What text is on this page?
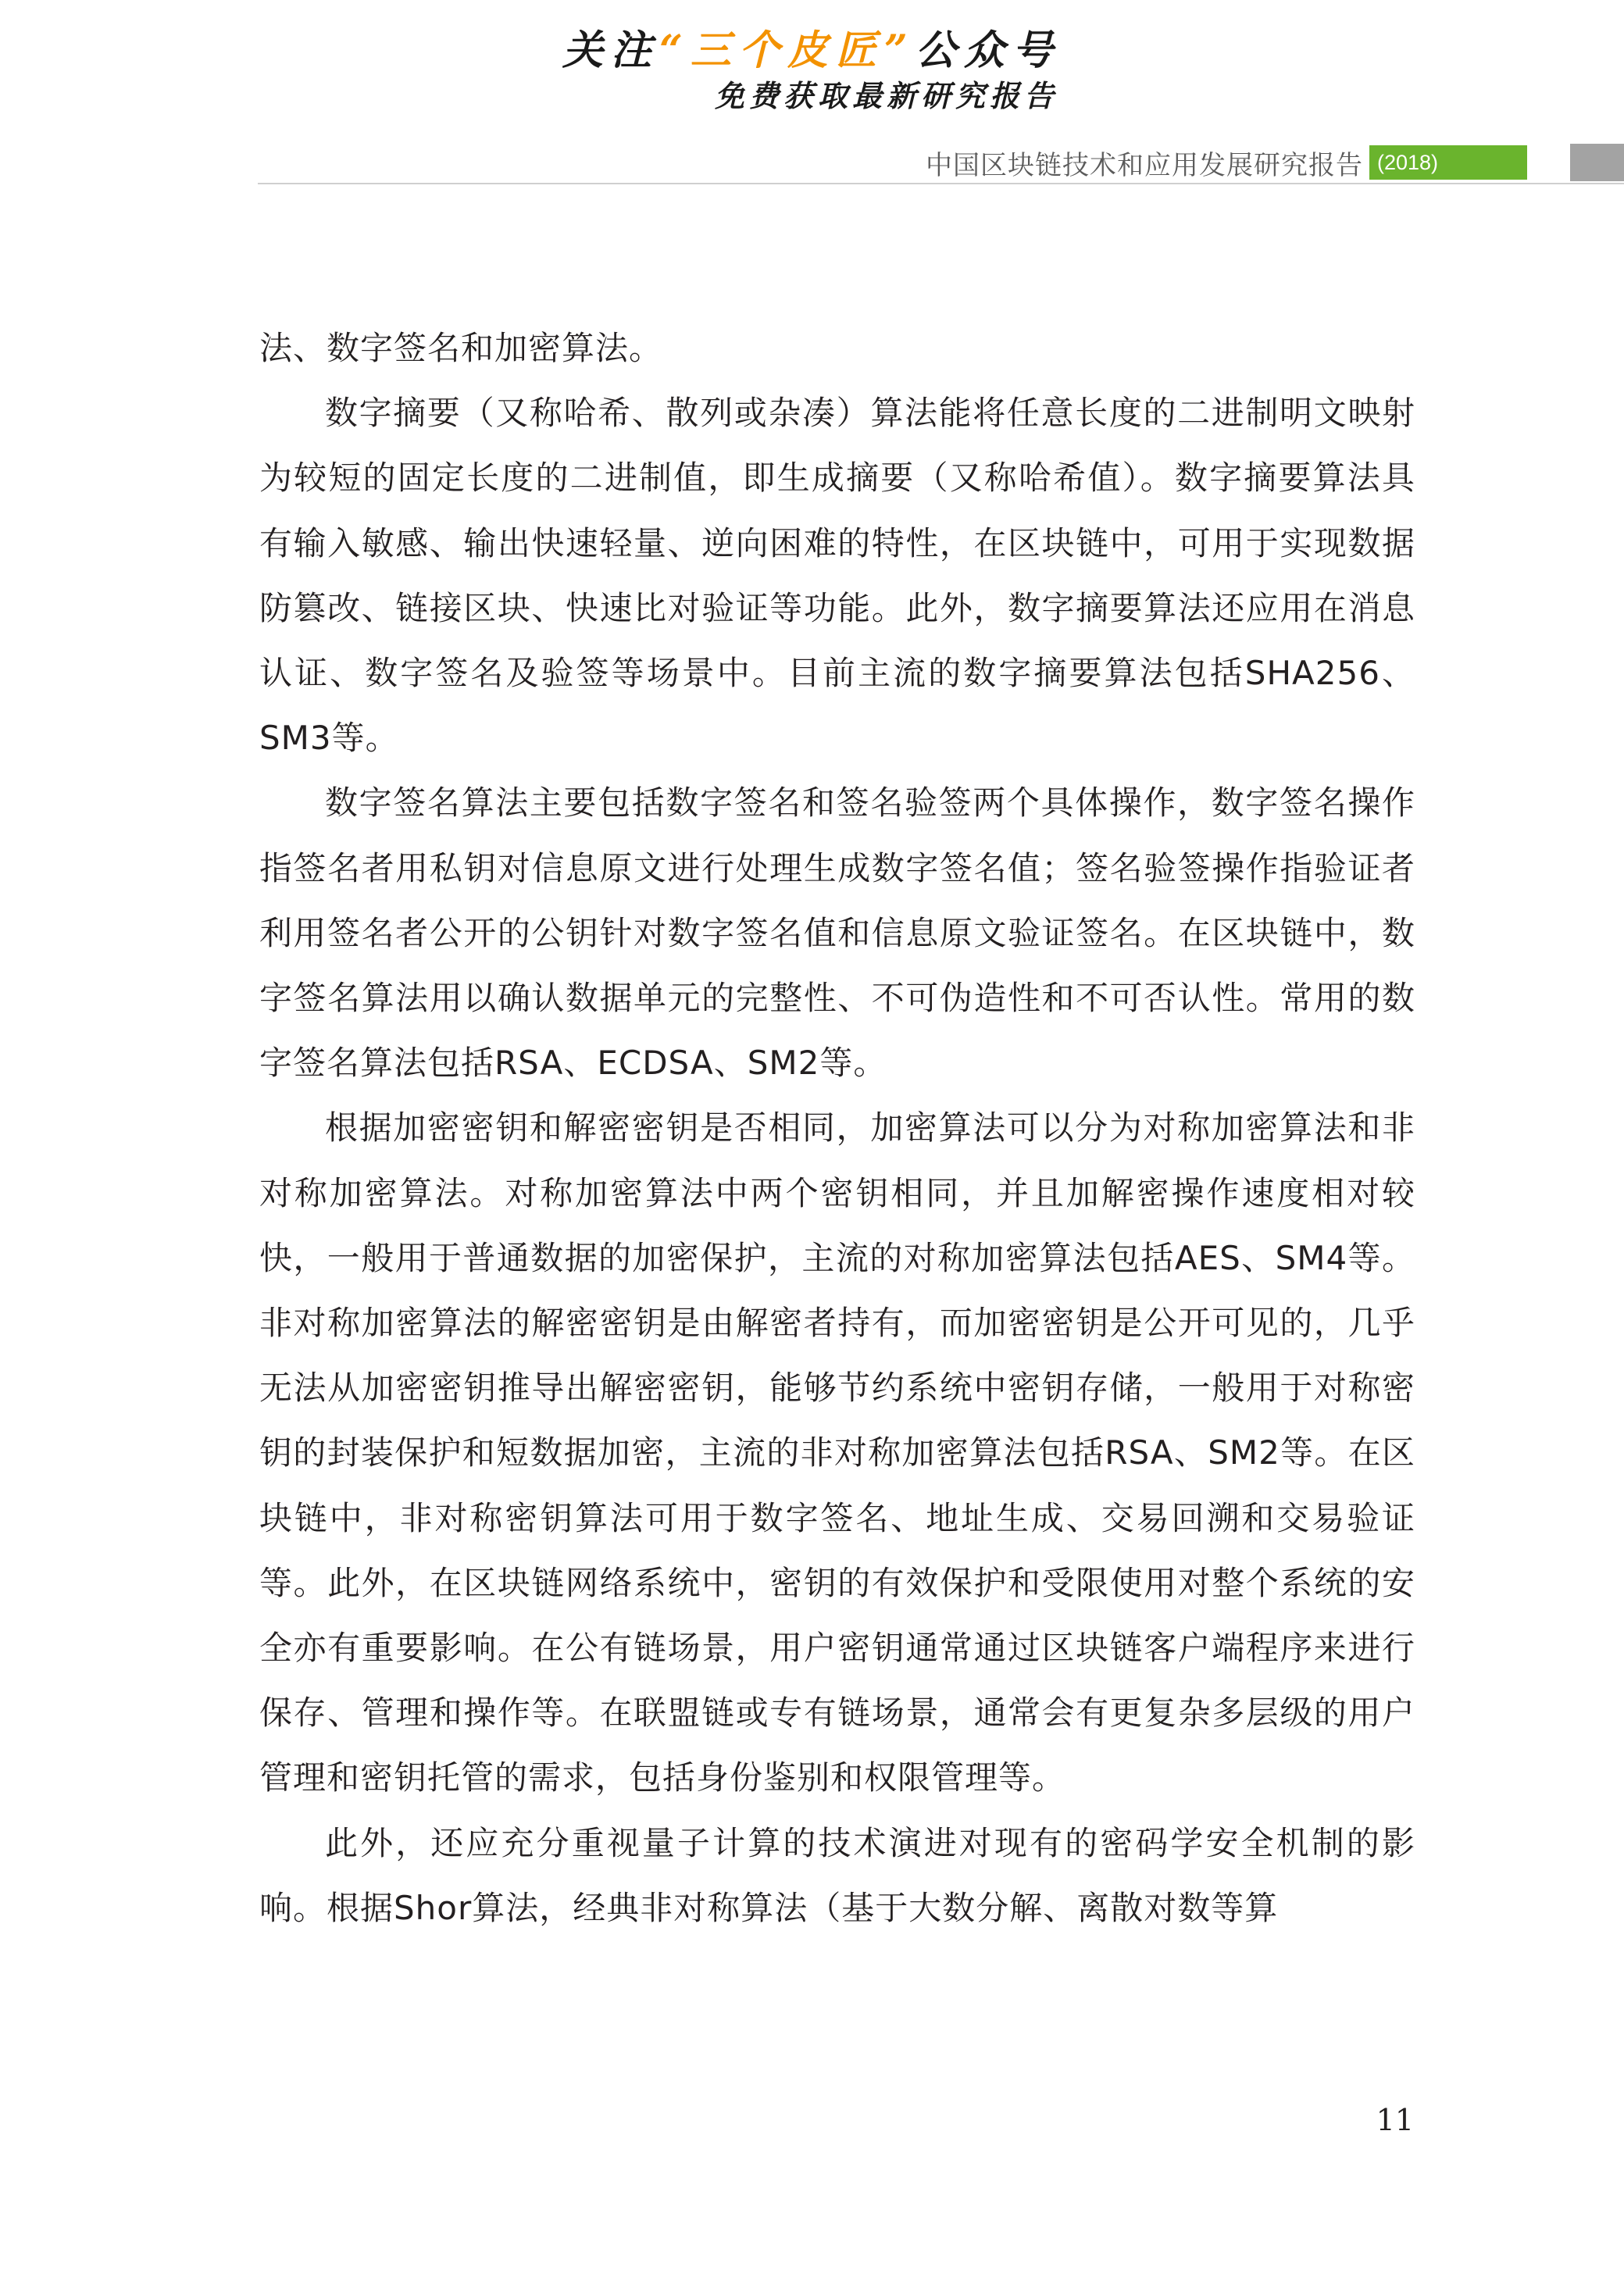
关注“三个皮匠”公众号
免费获取最新研究报告
中国区块链技术和应用发展研究报告 (2018)

法、数字签名和加密算法。

数字摘要（又称哈希、散列或杂凑）算法能将任意长度的二进制明文映射为较短的固定长度的二进制值，即生成摘要（又称哈希值）。数字摘要算法具有输入敏感、输出快速轻量、逆向困难的特性，在区块链中，可用于实现数据防篡改、链接区块、快速比对验证等功能。此外，数字摘要算法还应用在消息认证、数字签名及验签等场景中。目前主流的数字摘要算法包括SHA256、SM3等。

数字签名算法主要包括数字签名和签名验签两个具体操作，数字签名操作指签名者用私钥对信息原文进行处理生成数字签名值；签名验签操作指验证者利用签名者公开的公钥针对数字签名值和信息原文验证签名。在区块链中，数字签名算法用以确认数据单元的完整性、不可伪造性和不可否认性。常用的数字签名算法包括RSA、ECDSA、SM2等。

根据加密密钥和解密密钥是否相同，加密算法可以分为对称加密算法和非对称加密算法。对称加密算法中两个密钥相同，并且加解密操作速度相对较快，一般用于普通数据的加密保护，主流的对称加密算法包括AES、SM4等。非对称加密算法的解密密钥是由解密者持有，而加密密钥是公开可见的，几乎无法从加密密钥推导出解密密钥，能够节约系统中密钥存储，一般用于对称密钥的封装保护和短数据加密，主流的非对称加密算法包括RSA、SM2等。在区块链中，非对称密钥算法可用于数字签名、地址生成、交易回溯和交易验证等。此外，在区块链网络系统中，密钥的有效保护和受限使用对整个系统的安全亦有重要影响。在公有链场景，用户密钥通常通过区块链客户端程序来进行保存、管理和操作等。在联盟链或专有链场景，通常会有更复杂多层级的用户管理和密钥托管的需求，包括身份鉴别和权限管理等。

此外，还应充分重视量子计算的技术演进对现有的密码学安全机制的影响。根据Shor算法，经典非对称算法（基于大数分解、离散对数等算

11
